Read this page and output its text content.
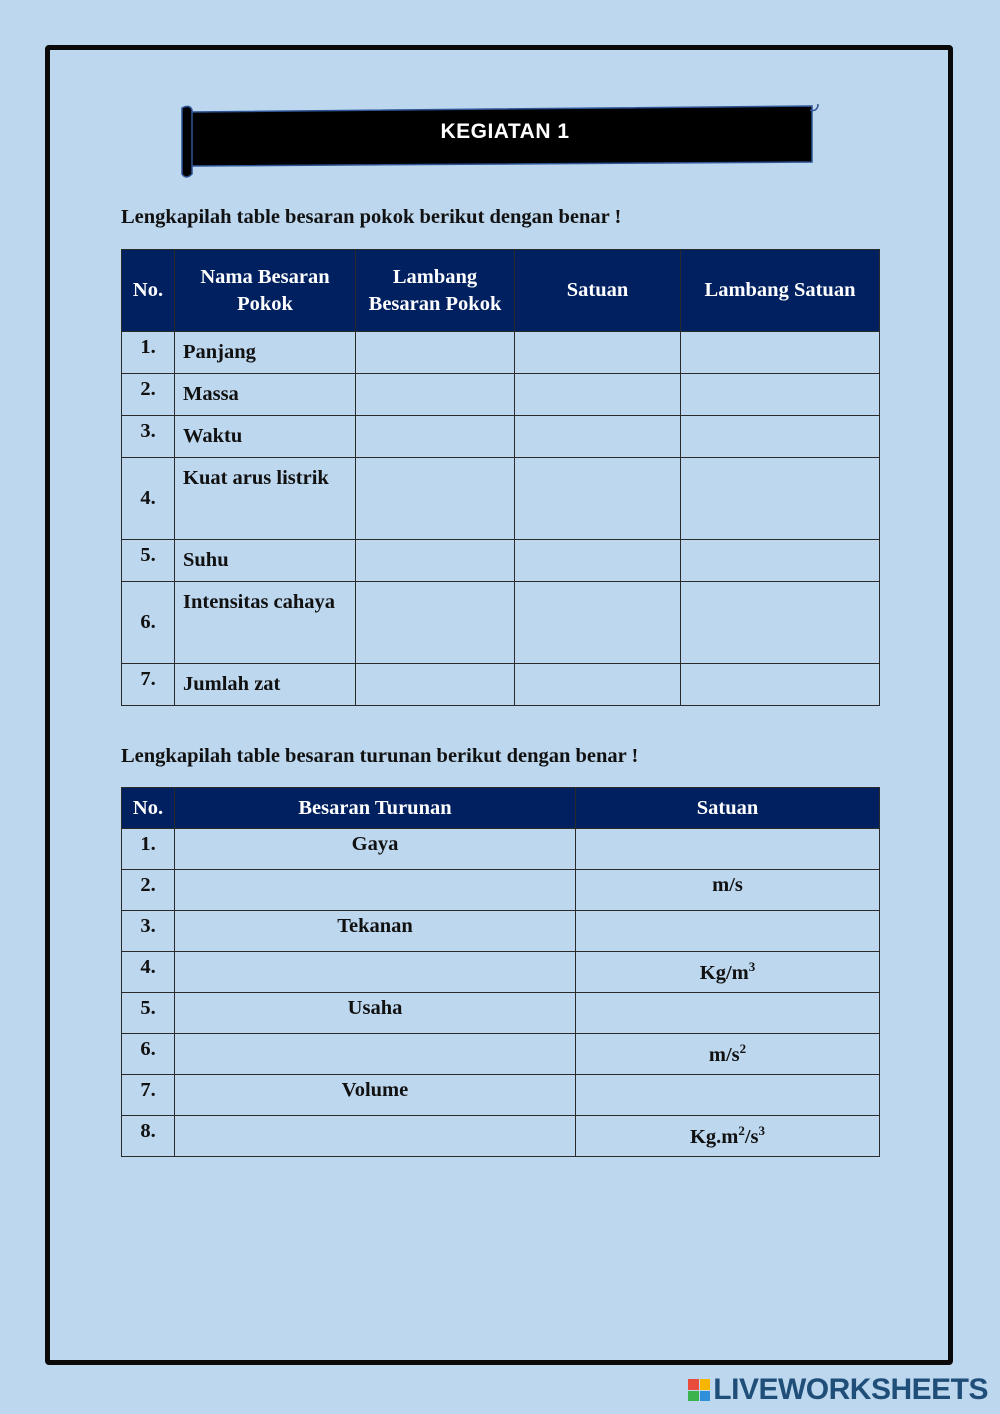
KEGIATAN 1
Lengkapilah table besaran pokok berikut dengan benar !
No.	Nama Besaran Pokok	Lambang Besaran Pokok	Satuan	Lambang Satuan
1.	Panjang			
2.	Massa			
3.	Waktu			
4.	Kuat arus listrik			
5.	Suhu			
6.	Intensitas cahaya			
7.	Jumlah zat			
Lengkapilah table besaran turunan berikut dengan benar !
No.	Besaran Turunan	Satuan
1.	Gaya	
2.		m/s
3.	Tekanan	
4.		$Kg/m^3$
5.	Usaha	
6.		$m/s^2$
7.	Volume	
8.		$Kg.m^2/s^3$
LIVEWORKSHEETS
